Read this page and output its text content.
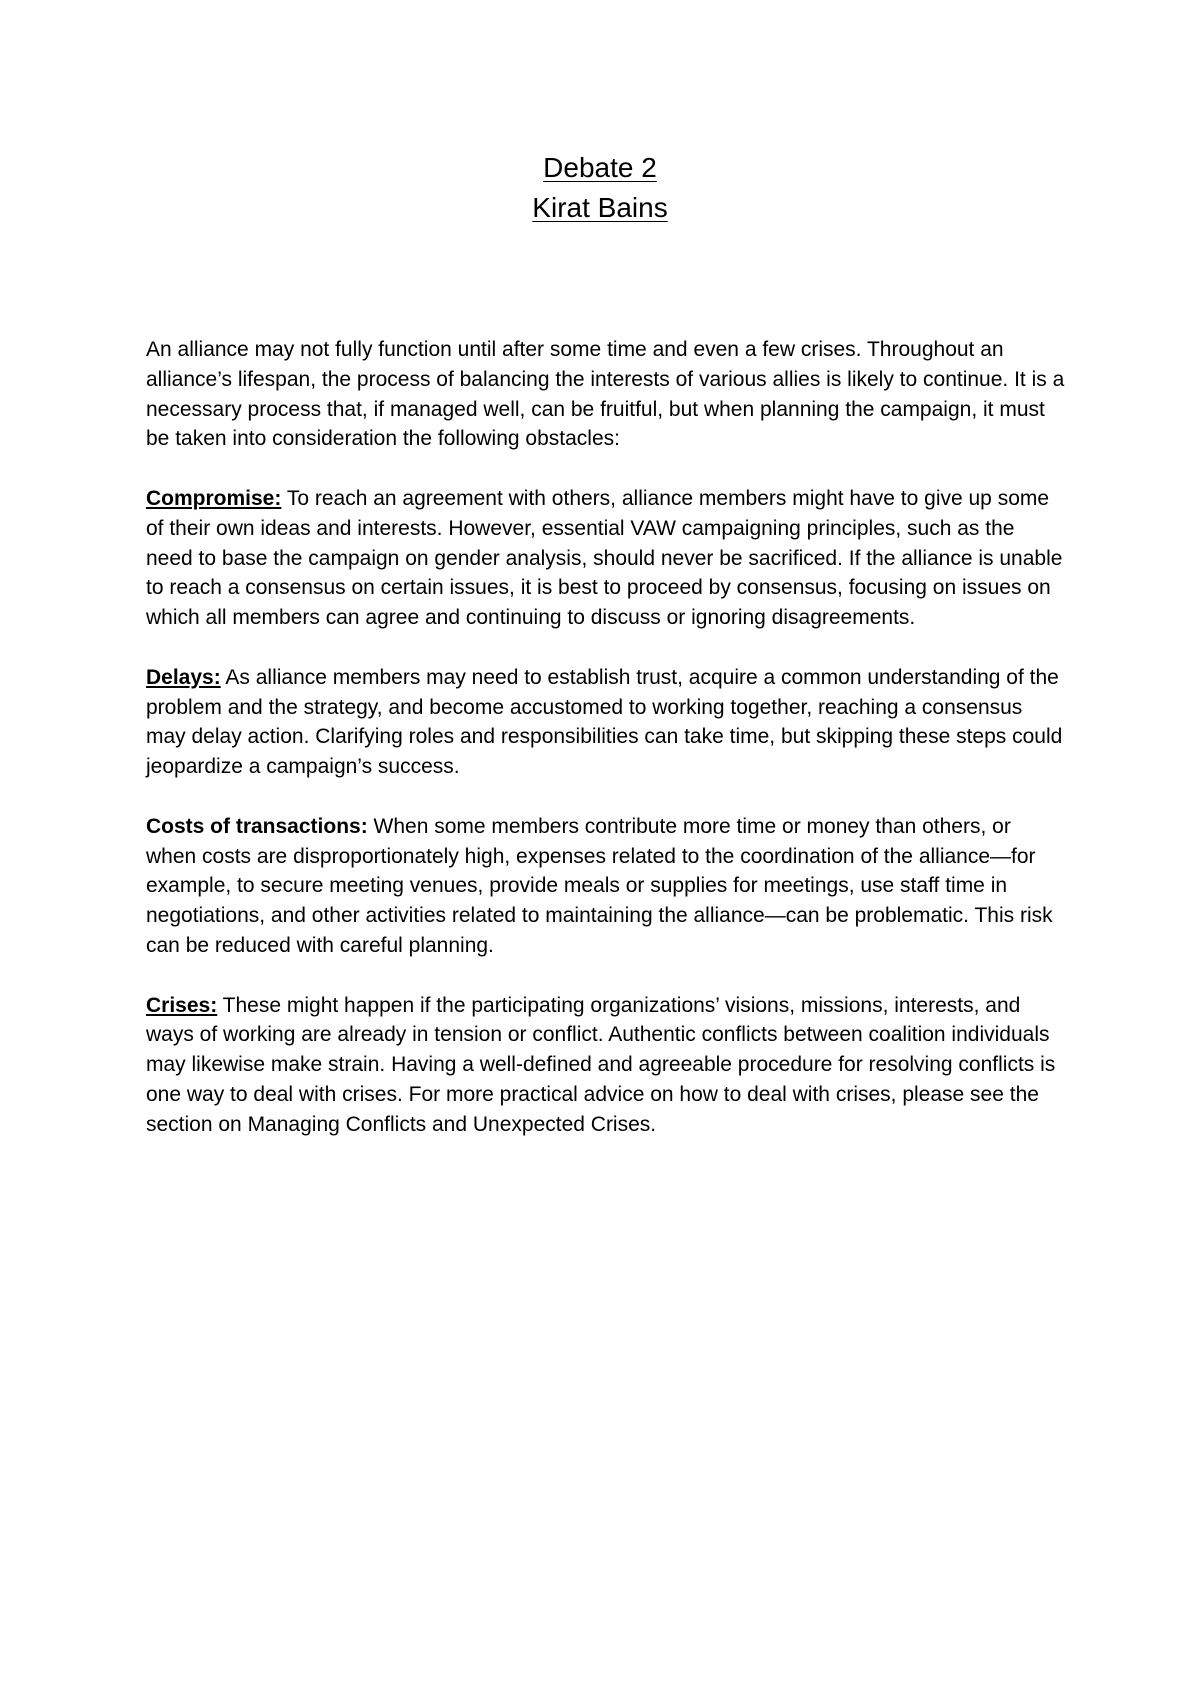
Debate 2
Kirat Bains

An alliance may not fully function until after some time and even a few crises. Throughout an alliance’s lifespan, the process of balancing the interests of various allies is likely to continue. It is a necessary process that, if managed well, can be fruitful, but when planning the campaign, it must be taken into consideration the following obstacles:

Compromise: To reach an agreement with others, alliance members might have to give up some of their own ideas and interests. However, essential VAW campaigning principles, such as the need to base the campaign on gender analysis, should never be sacrificed. If the alliance is unable to reach a consensus on certain issues, it is best to proceed by consensus, focusing on issues on which all members can agree and continuing to discuss or ignoring disagreements.

Delays: As alliance members may need to establish trust, acquire a common understanding of the problem and the strategy, and become accustomed to working together, reaching a consensus may delay action. Clarifying roles and responsibilities can take time, but skipping these steps could jeopardize a campaign’s success.

Costs of transactions: When some members contribute more time or money than others, or when costs are disproportionately high, expenses related to the coordination of the alliance—for example, to secure meeting venues, provide meals or supplies for meetings, use staff time in negotiations, and other activities related to maintaining the alliance—can be problematic. This risk can be reduced with careful planning.

Crises: These might happen if the participating organizations’ visions, missions, interests, and ways of working are already in tension or conflict. Authentic conflicts between coalition individuals may likewise make strain. Having a well-defined and agreeable procedure for resolving conflicts is one way to deal with crises. For more practical advice on how to deal with crises, please see the section on Managing Conflicts and Unexpected Crises.
